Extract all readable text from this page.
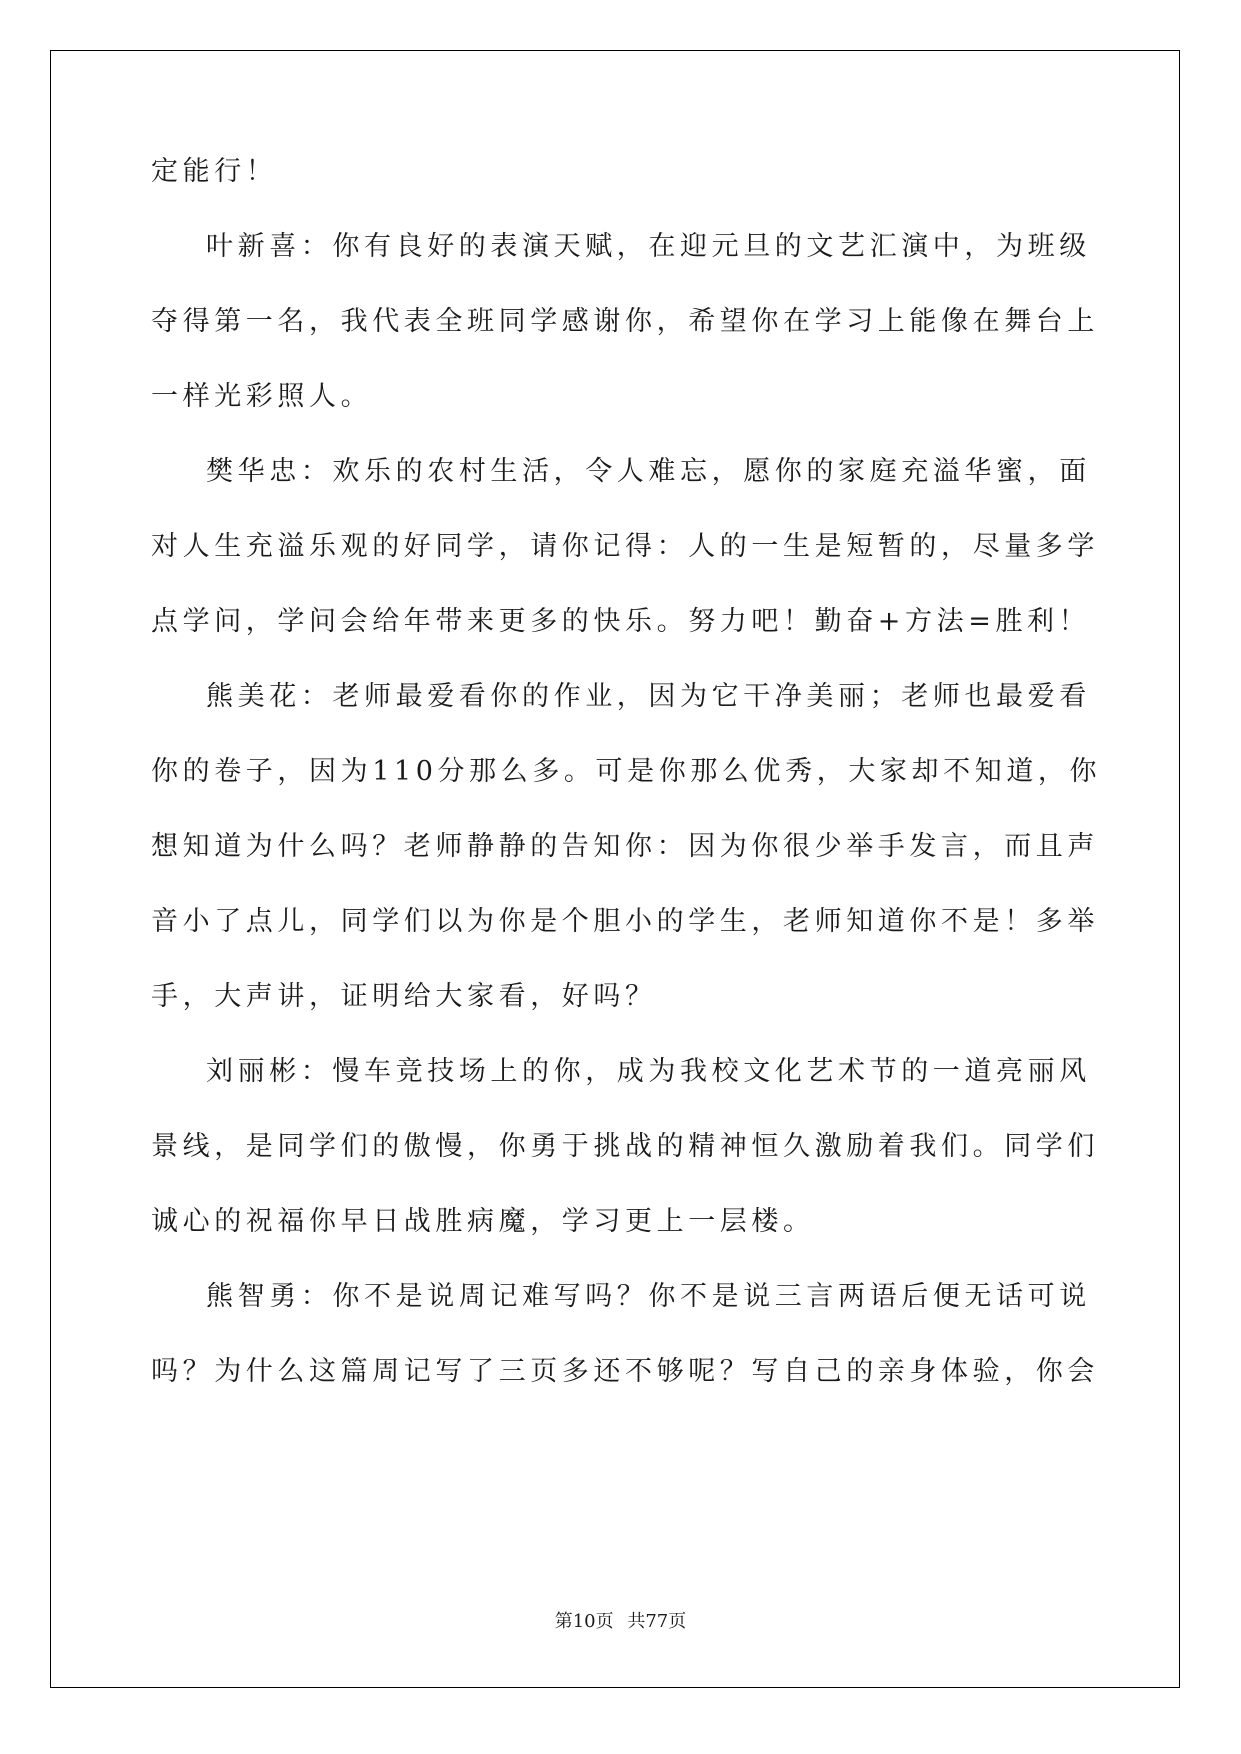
定能行！
叶新喜：你有良好的表演天赋，在迎元旦的文艺汇演中，为班级
夺得第一名，我代表全班同学感谢你，希望你在学习上能像在舞台上
一样光彩照人。
樊华忠：欢乐的农村生活，令人难忘，愿你的家庭充溢华蜜，面
对人生充溢乐观的好同学，请你记得：人的一生是短暂的，尽量多学
点学问，学问会给年带来更多的快乐。努力吧！勤奋+方法=胜利！
熊美花：老师最爱看你的作业，因为它干净美丽；老师也最爱看
你的卷子，因为110分那么多。可是你那么优秀，大家却不知道，你
想知道为什么吗？老师静静的告知你：因为你很少举手发言，而且声
音小了点儿，同学们以为你是个胆小的学生，老师知道你不是！多举
手，大声讲，证明给大家看，好吗？
刘丽彬：慢车竞技场上的你，成为我校文化艺术节的一道亮丽风
景线，是同学们的傲慢，你勇于挑战的精神恒久激励着我们。同学们
诚心的祝福你早日战胜病魔，学习更上一层楼。
熊智勇：你不是说周记难写吗？你不是说三言两语后便无话可说
吗？为什么这篇周记写了三页多还不够呢？写自己的亲身体验，你会
第10页 共77页
